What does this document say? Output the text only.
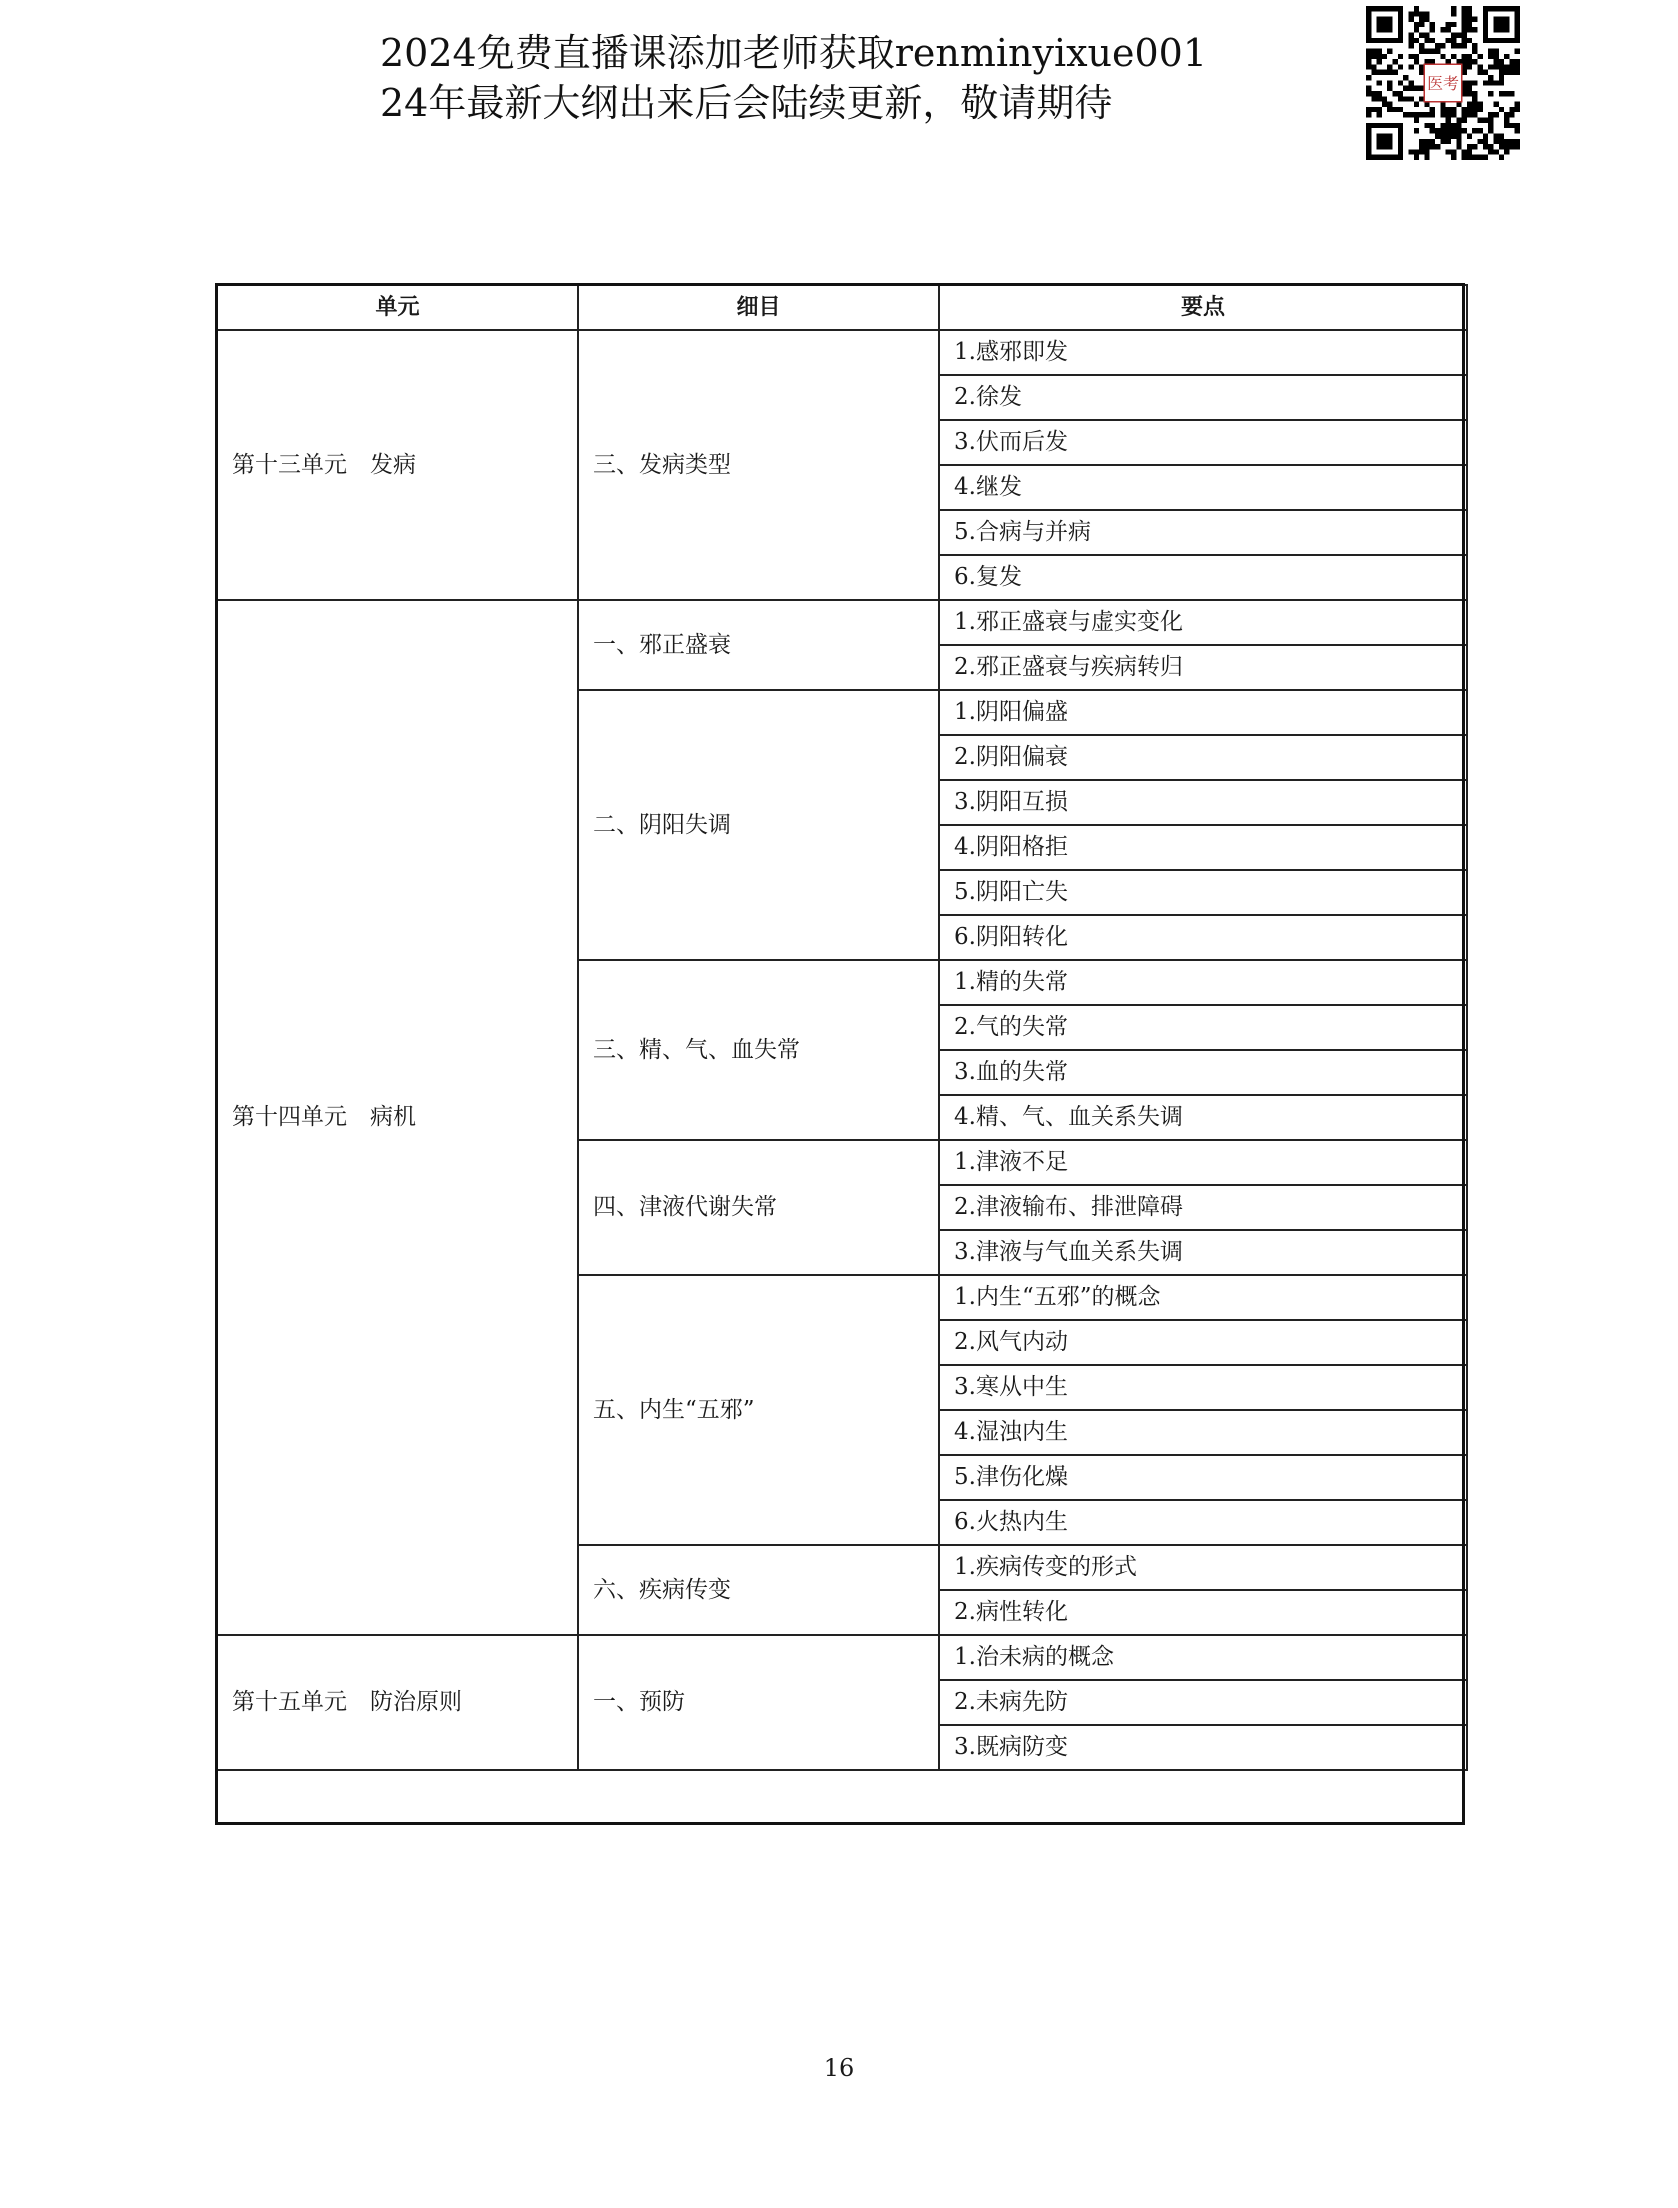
2024免费直播课添加老师获取renminyixue001
24年最新大纲出来后会陆续更新，敬请期待	医考
单元	细目	要点
第十三单元　发病	三、发病类型	1.感邪即发
		2.徐发
		3.伏而后发
		4.继发
		5.合病与并病
		6.复发
第十四单元　病机	一、邪正盛衰	1.邪正盛衰与虚实变化
		2.邪正盛衰与疾病转归
	二、阴阳失调	1.阴阳偏盛
		2.阴阳偏衰
		3.阴阳互损
		4.阴阳格拒
		5.阴阳亡失
		6.阴阳转化
	三、精、气、血失常	1.精的失常
		2.气的失常
		3.血的失常
		4.精、气、血关系失调
	四、津液代谢失常	1.津液不足
		2.津液输布、排泄障碍
		3.津液与气血关系失调
	五、内生“五邪”	1.内生“五邪”的概念
		2.风气内动
		3.寒从中生
		4.湿浊内生
		5.津伤化燥
		6.火热内生
	六、疾病传变	1.疾病传变的形式
		2.病性转化
第十五单元　防治原则	一、预防	1.治未病的概念
		2.未病先防
		3.既病防变
16
